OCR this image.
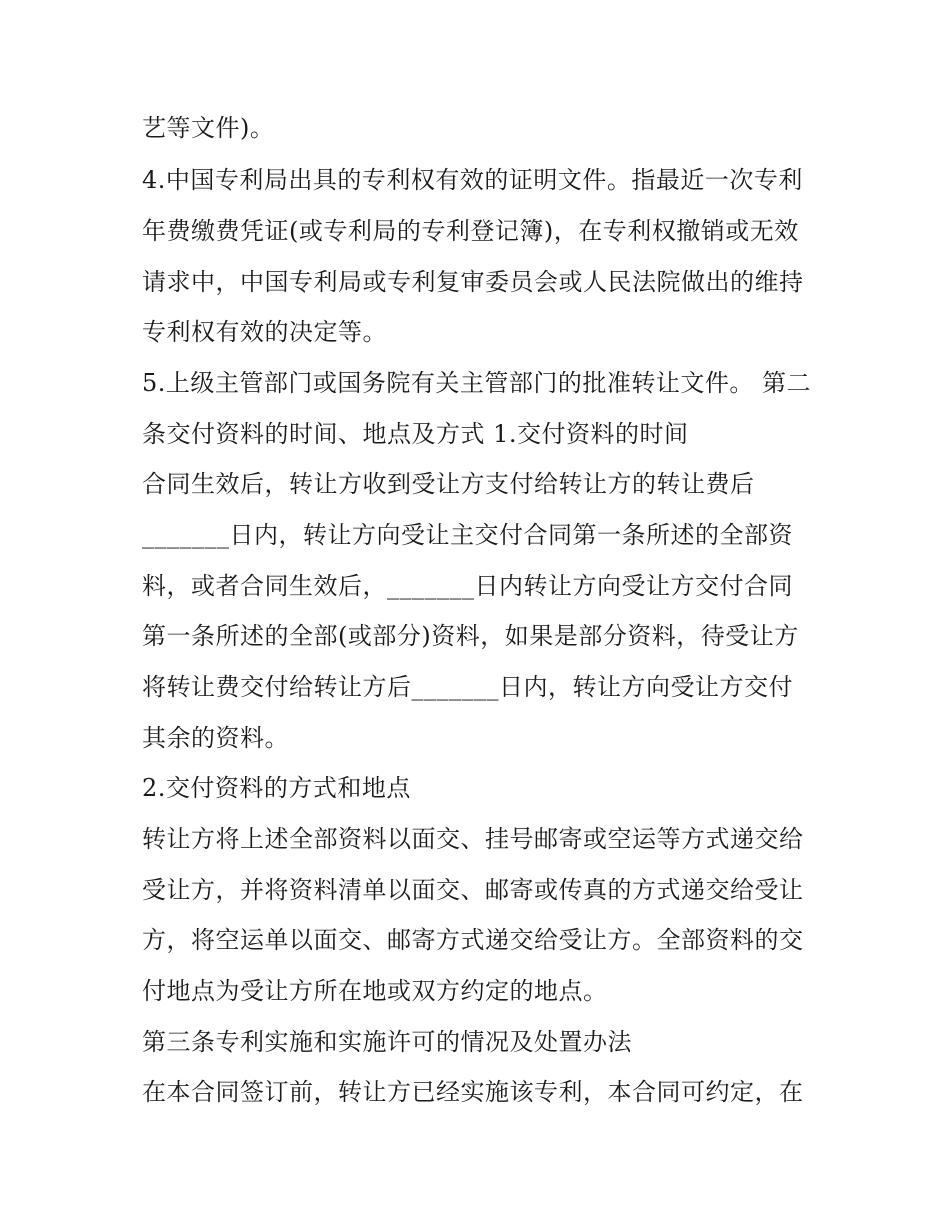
艺等文件)。
4.中国专利局出具的专利权有效的证明文件。指最近一次专利
年费缴费凭证(或专利局的专利登记簿)，在专利权撤销或无效
请求中，中国专利局或专利复审委员会或人民法院做出的维持
专利权有效的决定等。
5.上级主管部门或国务院有关主管部门的批准转让文件。 第二
条交付资料的时间、地点及方式 1.交付资料的时间
合同生效后，转让方收到受让方支付给转让方的转让费后
_______日内，转让方向受让主交付合同第一条所述的全部资
料，或者合同生效后，_______日内转让方向受让方交付合同
第一条所述的全部(或部分)资料，如果是部分资料，待受让方
将转让费交付给转让方后_______日内，转让方向受让方交付
其余的资料。
2.交付资料的方式和地点
转让方将上述全部资料以面交、挂号邮寄或空运等方式递交给
受让方，并将资料清单以面交、邮寄或传真的方式递交给受让
方，将空运单以面交、邮寄方式递交给受让方。全部资料的交
付地点为受让方所在地或双方约定的地点。
第三条专利实施和实施许可的情况及处置办法
在本合同签订前，转让方已经实施该专利，本合同可约定，在
